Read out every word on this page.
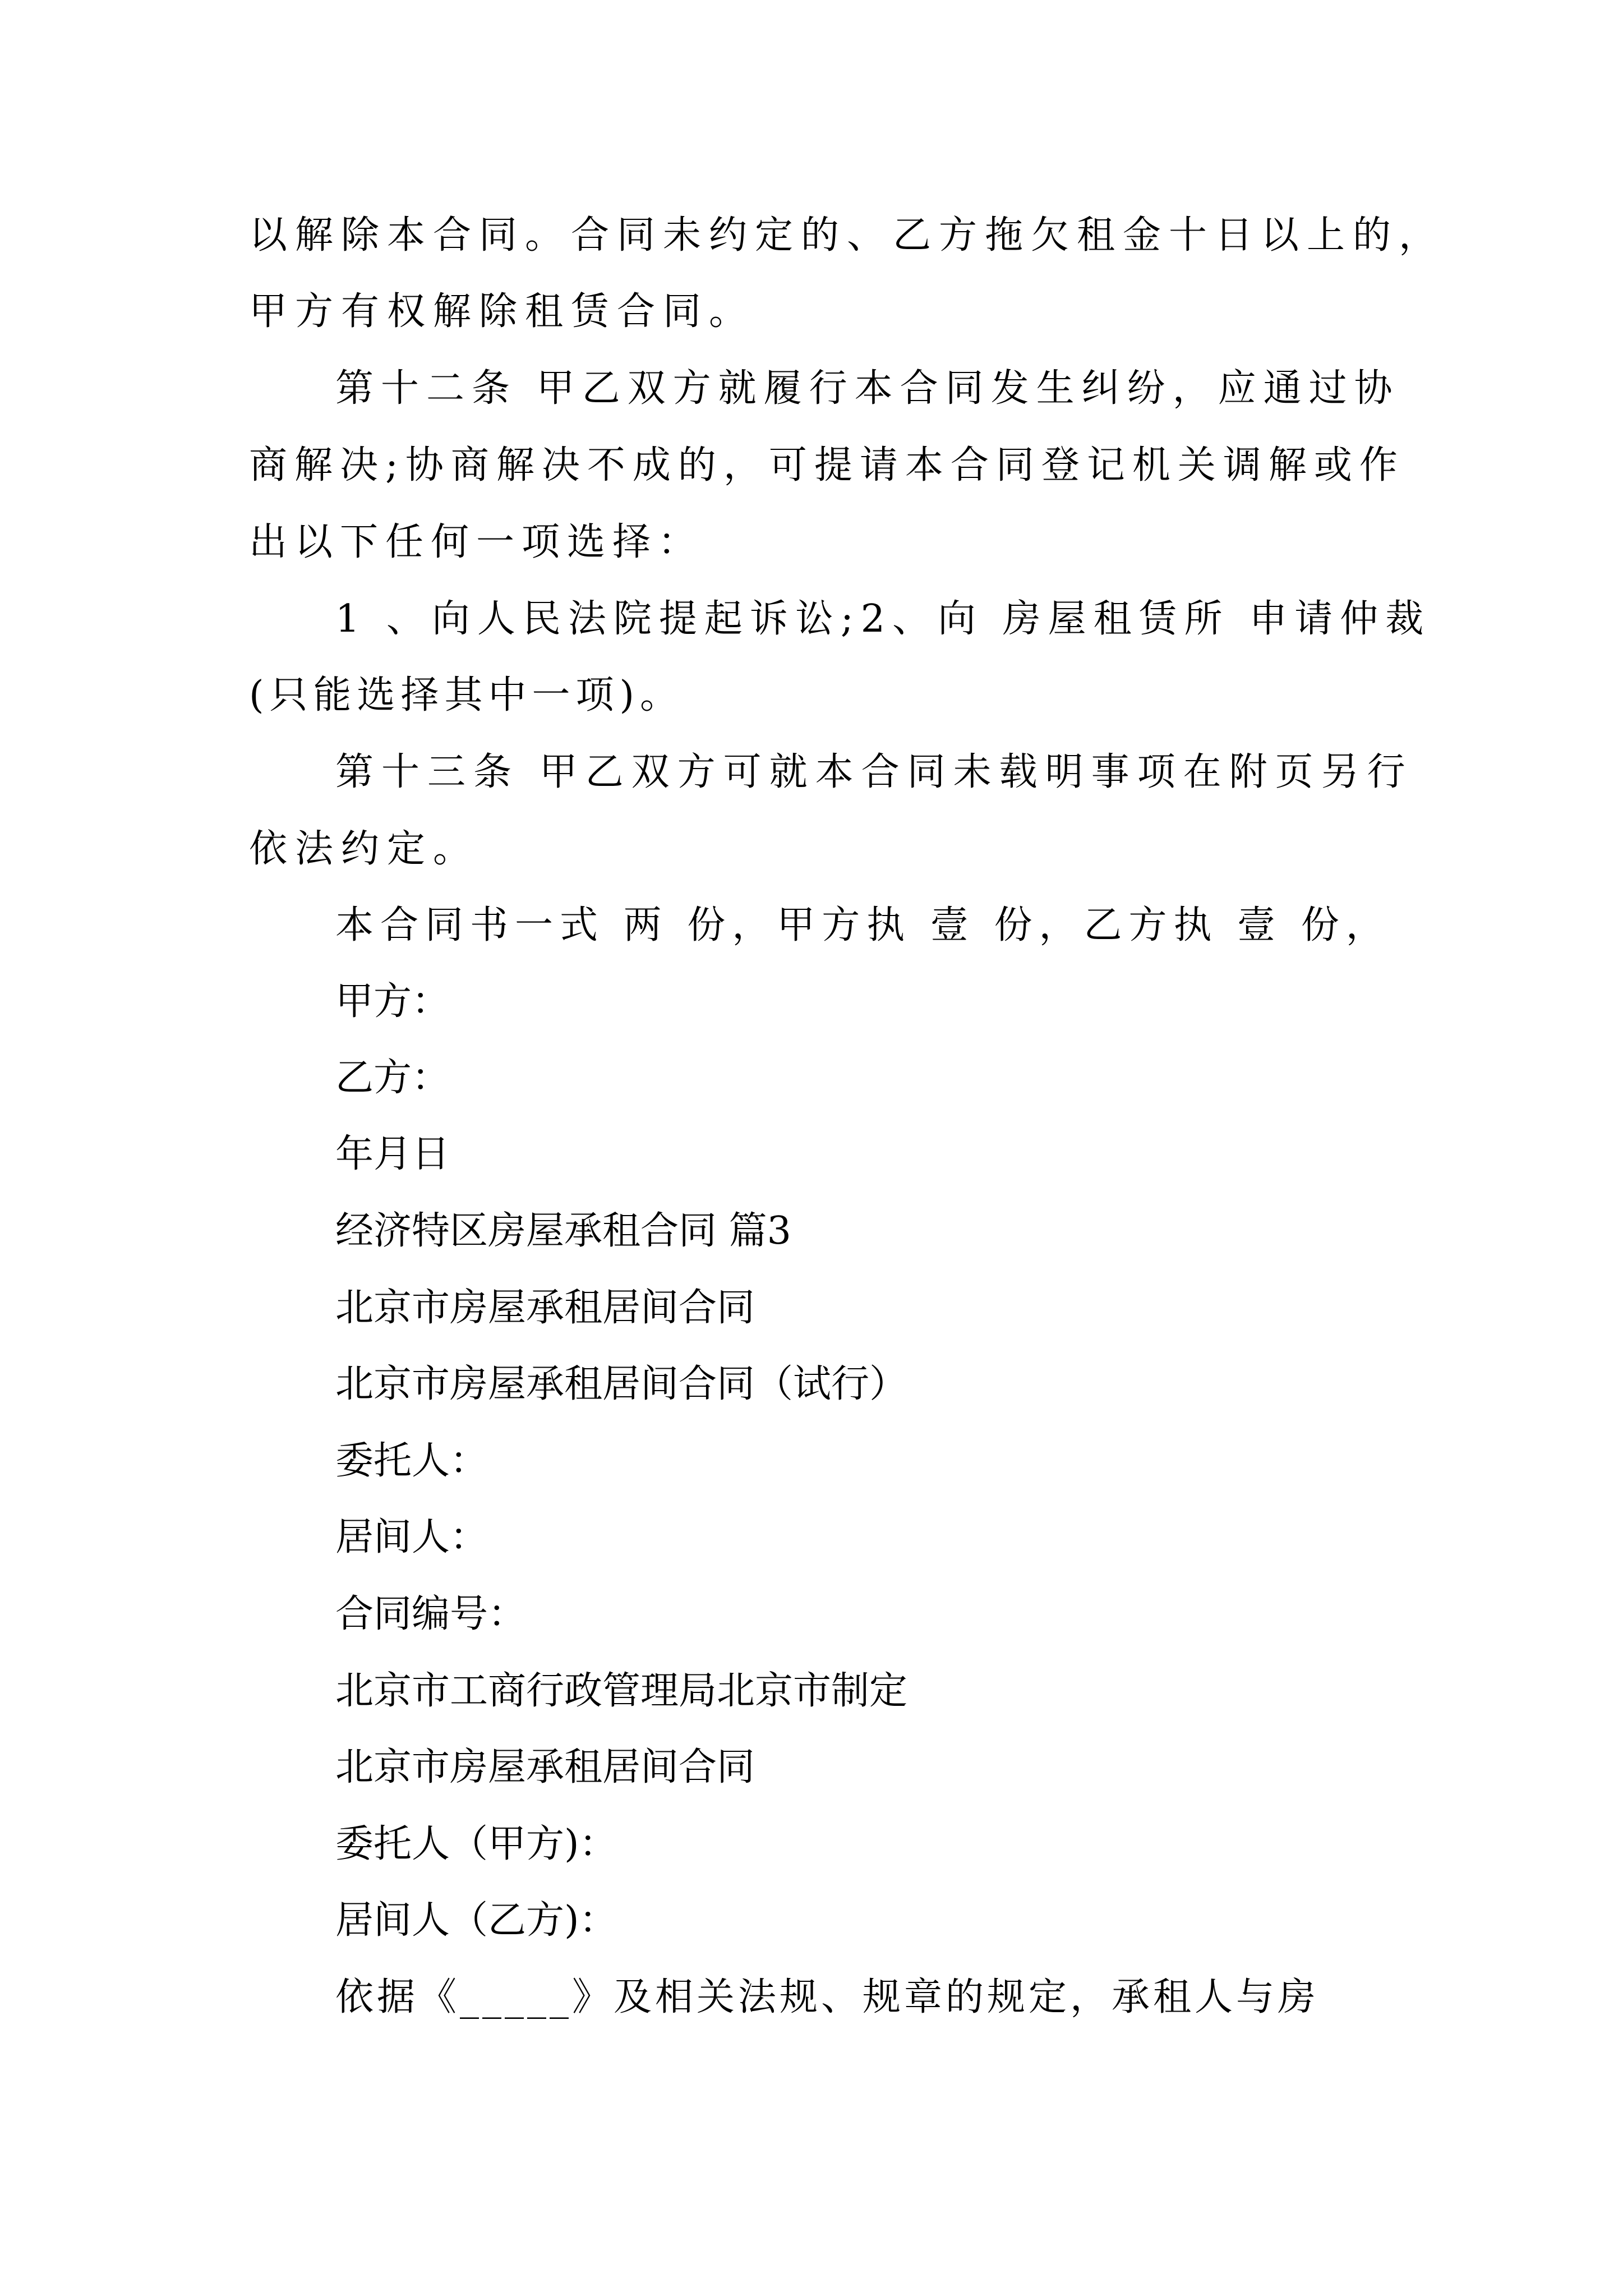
以解除本合同。合同未约定的、乙方拖欠租金十日以上的，
甲方有权解除租赁合同。
第十二条 甲乙双方就履行本合同发生纠纷，应通过协
商解决;协商解决不成的，可提请本合同登记机关调解或作
出以下任何一项选择：
1 、向人民法院提起诉讼;2、向 房屋租赁所 申请仲裁
(只能选择其中一项)。
第十三条 甲乙双方可就本合同未载明事项在附页另行
依法约定。
本合同书一式 两 份，甲方执 壹 份，乙方执 壹 份，
甲方：
乙方：
年月日
经济特区房屋承租合同 篇3
北京市房屋承租居间合同
北京市房屋承租居间合同（试行）
委托人：
居间人：
合同编号：
北京市工商行政管理局北京市制定
北京市房屋承租居间合同
委托人（甲方)：
居间人（乙方)：
依据《_____》及相关法规、规章的规定，承租人与房
